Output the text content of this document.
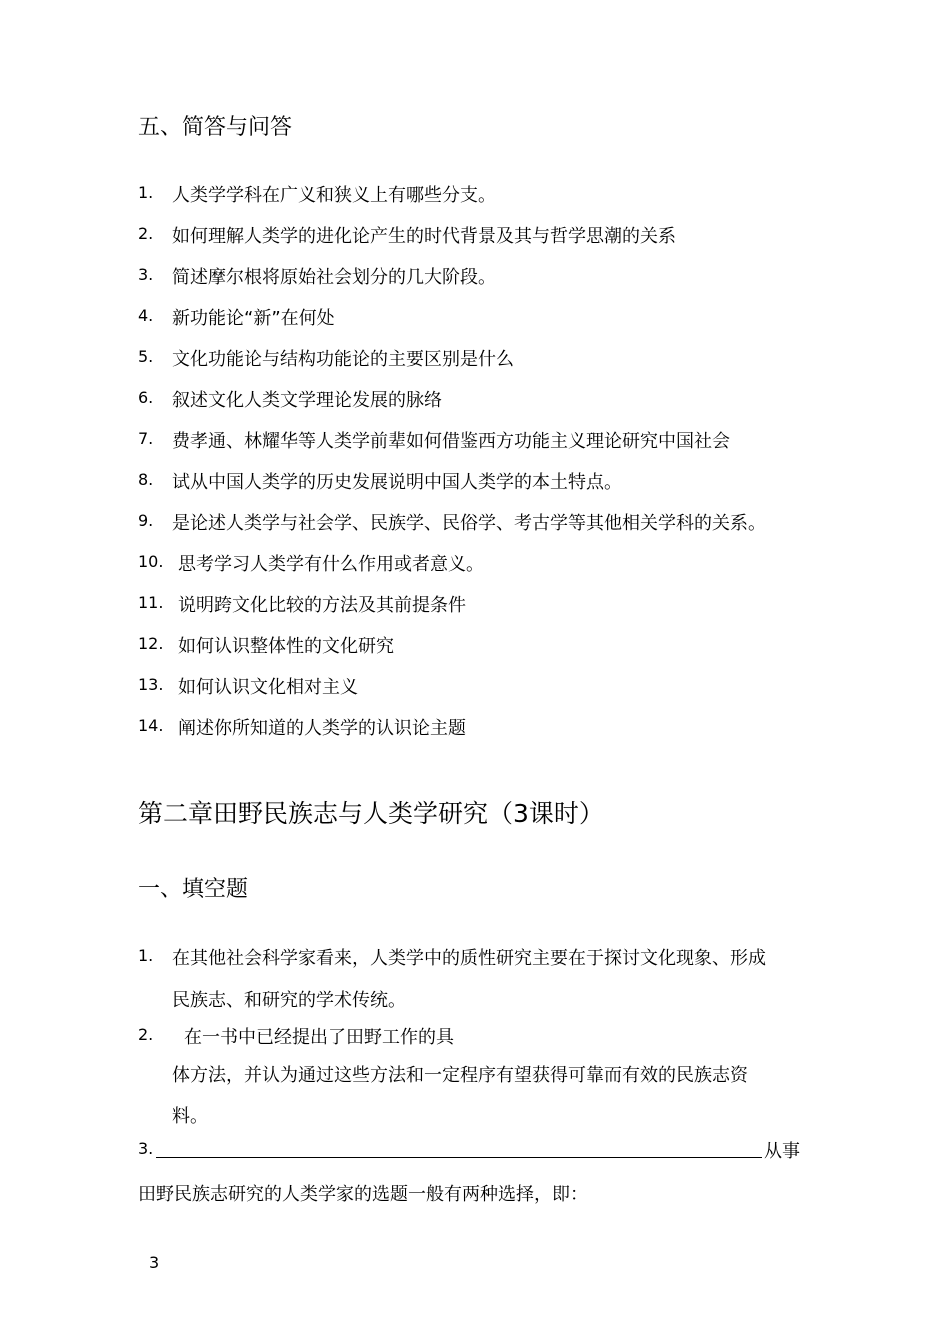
五、简答与问答
1. 人类学学科在广义和狭义上有哪些分支。
2. 如何理解人类学的进化论产生的时代背景及其与哲学思潮的关系
3. 简述摩尔根将原始社会划分的几大阶段。
4. 新功能论“新”在何处
5. 文化功能论与结构功能论的主要区别是什么
6. 叙述文化人类文学理论发展的脉络
7. 费孝通、林耀华等人类学前辈如何借鉴西方功能主义理论研究中国社会
8. 试从中国人类学的历史发展说明中国人类学的本土特点。
9. 是论述人类学与社会学、民族学、民俗学、考古学等其他相关学科的关系。
10. 思考学习人类学有什么作用或者意义。
11. 说明跨文化比较的方法及其前提条件
12. 如何认识整体性的文化研究
13. 如何认识文化相对主义
14. 阐述你所知道的人类学的认识论主题
第二章田野民族志与人类学研究（3课时）
一、填空题
1. 在其他社会科学家看来，人类学中的质性研究主要在于探讨文化现象、形成
民族志、和研究的学术传统。
2. 在一书中已经提出了田野工作的具
体方法，并认为通过这些方法和一定程序有望获得可靠而有效的民族志资
料。
3.	从事
田野民族志研究的人类学家的选题一般有两种选择，即：
3
